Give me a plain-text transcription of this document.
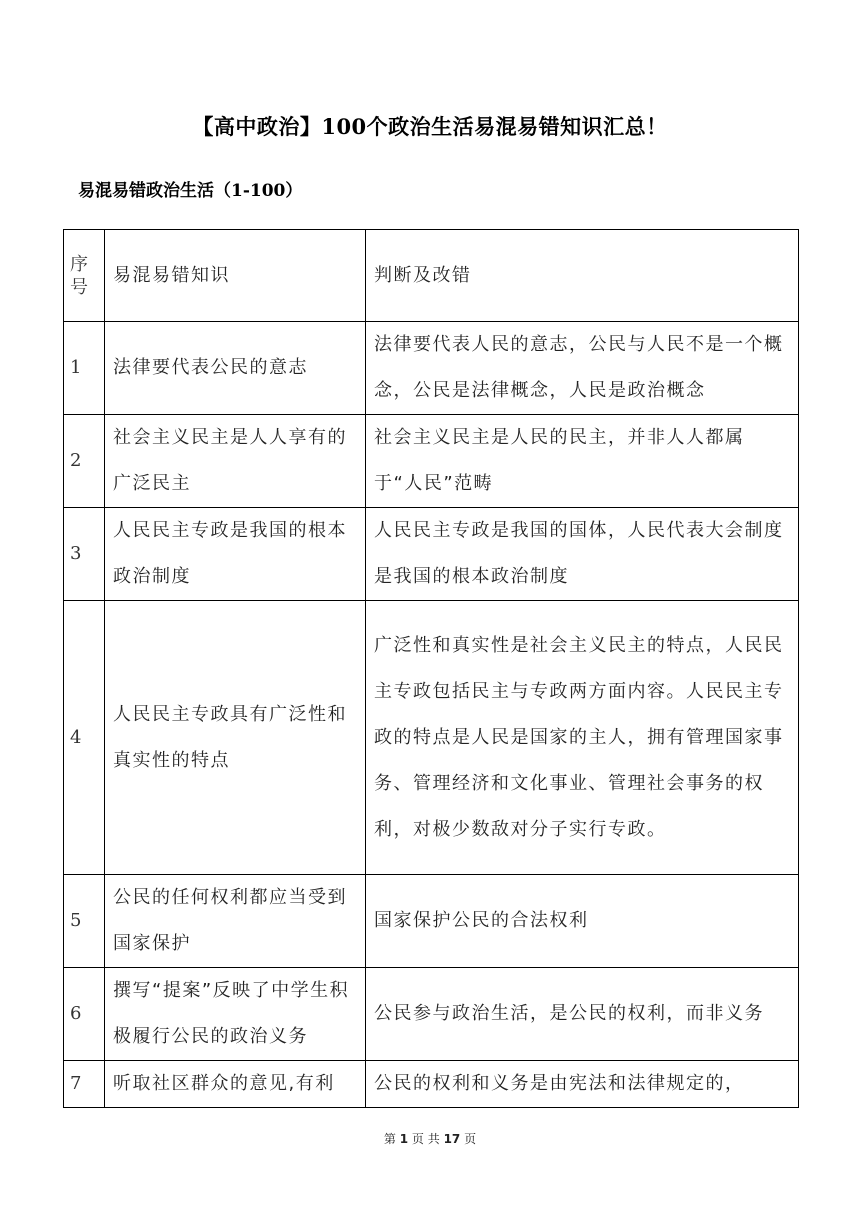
【高中政治】100个政治生活易混易错知识汇总！
易混易错政治生活（1-100）
序号	易混易错知识	判断及改错
1	法律要代表公民的意志	法律要代表人民的意志，公民与人民不是一个概念，公民是法律概念，人民是政治概念
2	社会主义民主是人人享有的广泛民主	社会主义民主是人民的民主，并非人人都属于“人民”范畴
3	人民民主专政是我国的根本政治制度	人民民主专政是我国的国体，人民代表大会制度是我国的根本政治制度
4	人民民主专政具有广泛性和真实性的特点	广泛性和真实性是社会主义民主的特点，人民民主专政包括民主与专政两方面内容。人民民主专政的特点是人民是国家的主人，拥有管理国家事务、管理经济和文化事业、管理社会事务的权利，对极少数敌对分子实行专政。
5	公民的任何权利都应当受到国家保护	国家保护公民的合法权利
6	撰写“提案”反映了中学生积极履行公民的政治义务	公民参与政治生活，是公民的权利，而非义务
7	听取社区群众的意见,有利	公民的权利和义务是由宪法和法律规定的，
第 1 页 共 17 页
